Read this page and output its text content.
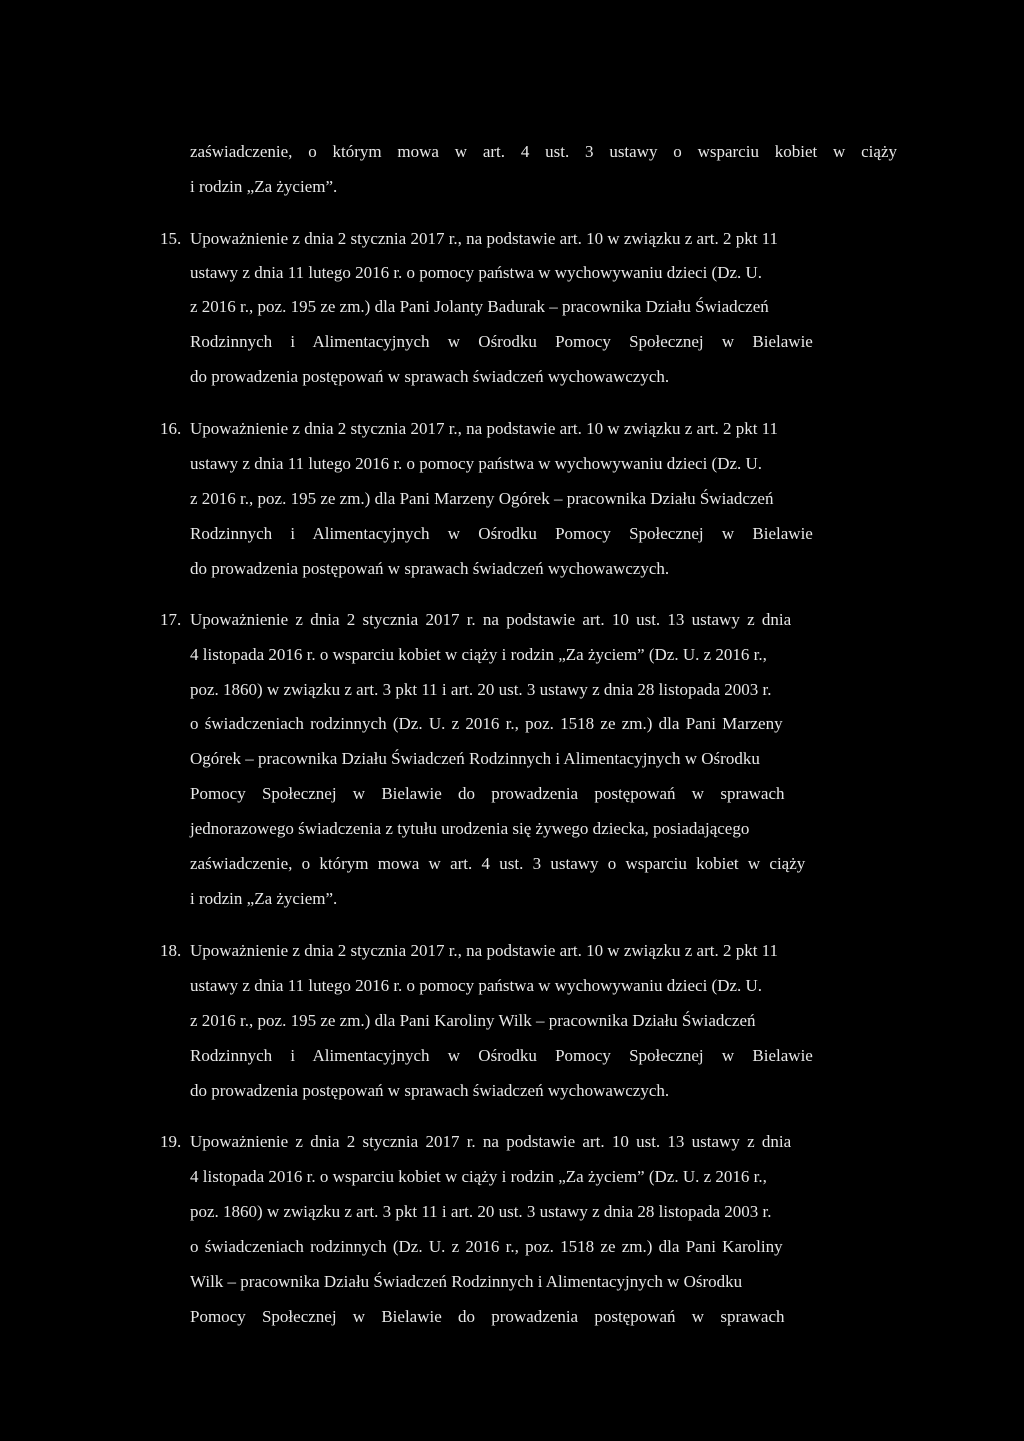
zaświadczenie, o którym mowa w art. 4 ust. 3 ustawy o wsparciu kobiet w ciąży

i rodzin „Za życiem”.

15. Upoważnienie z dnia 2 stycznia 2017 r., na podstawie art. 10 w związku z art. 2 pkt 11

ustawy z dnia 11 lutego 2016 r. o pomocy państwa w wychowywaniu dzieci (Dz. U.

z 2016 r., poz. 195 ze zm.) dla Pani Jolanty Badurak – pracownika Działu Świadczeń

Rodzinnych i Alimentacyjnych w Ośrodku Pomocy Społecznej w Bielawie

do prowadzenia postępowań w sprawach świadczeń wychowawczych.

16. Upoważnienie z dnia 2 stycznia 2017 r., na podstawie art. 10 w związku z art. 2 pkt 11

ustawy z dnia 11 lutego 2016 r. o pomocy państwa w wychowywaniu dzieci (Dz. U.

z 2016 r., poz. 195 ze zm.) dla Pani Marzeny Ogórek – pracownika Działu Świadczeń

Rodzinnych i Alimentacyjnych w Ośrodku Pomocy Społecznej w Bielawie

do prowadzenia postępowań w sprawach świadczeń wychowawczych.

17. Upoważnienie z dnia 2 stycznia 2017 r. na podstawie art. 10 ust. 13 ustawy z dnia

4 listopada 2016 r. o wsparciu kobiet w ciąży i rodzin „Za życiem” (Dz. U. z 2016 r.,

poz. 1860) w związku z art. 3 pkt 11 i art. 20 ust. 3 ustawy z dnia 28 listopada 2003 r.

o świadczeniach rodzinnych (Dz. U. z 2016 r., poz. 1518 ze zm.) dla Pani Marzeny

Ogórek – pracownika Działu Świadczeń Rodzinnych i Alimentacyjnych w Ośrodku

Pomocy Społecznej w Bielawie do prowadzenia postępowań w sprawach

jednorazowego świadczenia z tytułu urodzenia się żywego dziecka, posiadającego

zaświadczenie, o którym mowa w art. 4 ust. 3 ustawy o wsparciu kobiet w ciąży

i rodzin „Za życiem”.

18. Upoważnienie z dnia 2 stycznia 2017 r., na podstawie art. 10 w związku z art. 2 pkt 11

ustawy z dnia 11 lutego 2016 r. o pomocy państwa w wychowywaniu dzieci (Dz. U.

z 2016 r., poz. 195 ze zm.) dla Pani Karoliny Wilk – pracownika Działu Świadczeń

Rodzinnych i Alimentacyjnych w Ośrodku Pomocy Społecznej w Bielawie

do prowadzenia postępowań w sprawach świadczeń wychowawczych.

19. Upoważnienie z dnia 2 stycznia 2017 r. na podstawie art. 10 ust. 13 ustawy z dnia

4 listopada 2016 r. o wsparciu kobiet w ciąży i rodzin „Za życiem” (Dz. U. z 2016 r.,

poz. 1860) w związku z art. 3 pkt 11 i art. 20 ust. 3 ustawy z dnia 28 listopada 2003 r.

o świadczeniach rodzinnych (Dz. U. z 2016 r., poz. 1518 ze zm.) dla Pani Karoliny

Wilk – pracownika Działu Świadczeń Rodzinnych i Alimentacyjnych w Ośrodku

Pomocy Społecznej w Bielawie do prowadzenia postępowań w sprawach
